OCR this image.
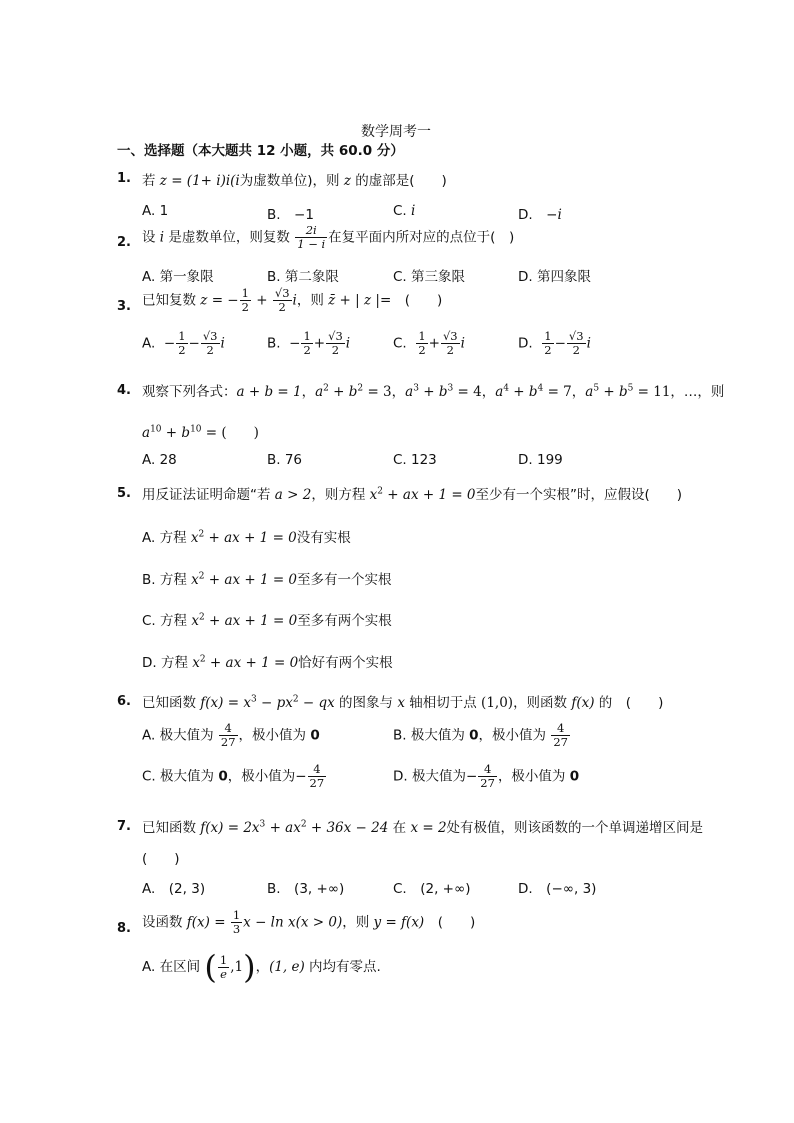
数学周考一
一、选择题（本大题共 12 小题，共 60.0 分）
1. 若 z = (1+ i)i(i为虚数单位)，则 z 的虚部是(　　)
A. 1	B.　−1	C. i	D.　−i
2. 设 i 是虚数单位，则复数 $\frac{2i}{1 - i}$ 在复平面内所对应的点位于(　)
A. 第一象限	B. 第二象限	C. 第三象限	D. 第四象限
3. 已知复数 z = − $\frac{1}{2} + \frac{√3}{2}$ i，则 z̄ + | z |=　(　　)
A. − $\frac{1}{2} - \frac{√3}{2}$ i	B. − $\frac{1}{2} + \frac{√3}{2}$ i	C. $\frac{1}{2} + \frac{√3}{2}$ i	D. $\frac{1}{2} - \frac{√3}{2}$ i
4. 观察下列各式：a + b = 1，$a^2 + b^2 = 3$，$a^3 + b^3 = 4$，$a^4 + b^4 = 7$，$a^5 + b^5 = 11$，…，则
$a^{10} + b^{10}$ = (　　)
A. 28	B. 76	C. 123	D. 199
5. 用反证法证明命题“若 a > 2，则方程 $x^2$ + ax + 1 = 0至少有一个实根”时，应假设(　　)
A. 方程 $x^2$ + ax + 1 = 0没有实根
B. 方程 $x^2$ + ax + 1 = 0至多有一个实根
C. 方程 $x^2$ + ax + 1 = 0至多有两个实根
D. 方程 $x^2$ + ax + 1 = 0恰好有两个实根
6. 已知函数 $f(x) = x^3 - px^2$ − qx 的图象与 x 轴相切于点 (1,0)，则函数 f(x) 的　(　　)
A. 极大值为 $\frac{4}{27}$ ，极小值为 0	B. 极大值为 0，极小值为 $\frac{4}{27}$
C. 极大值为 0，极小值为− $\frac{4}{27}$	D. 极大值为− $\frac{4}{27}$ ，极小值为 0
7. 已知函数 $f(x) = 2x^3 + ax^2 + 36x - 24$ 在 x = 2处有极值，则该函数的一个单调递增区间是
(　　)
A.　(2, 3)	B.　(3, +∞)	C.　(2, +∞)	D.　(−∞, 3)
8. 设函数 $f(x) = \frac{1}{3}$ x − ln x(x > 0)，则 y = f(x)　(　　)
A. 在区间 ( $\frac{1}{e} ,1$)，(1, e) 内均有零点.
